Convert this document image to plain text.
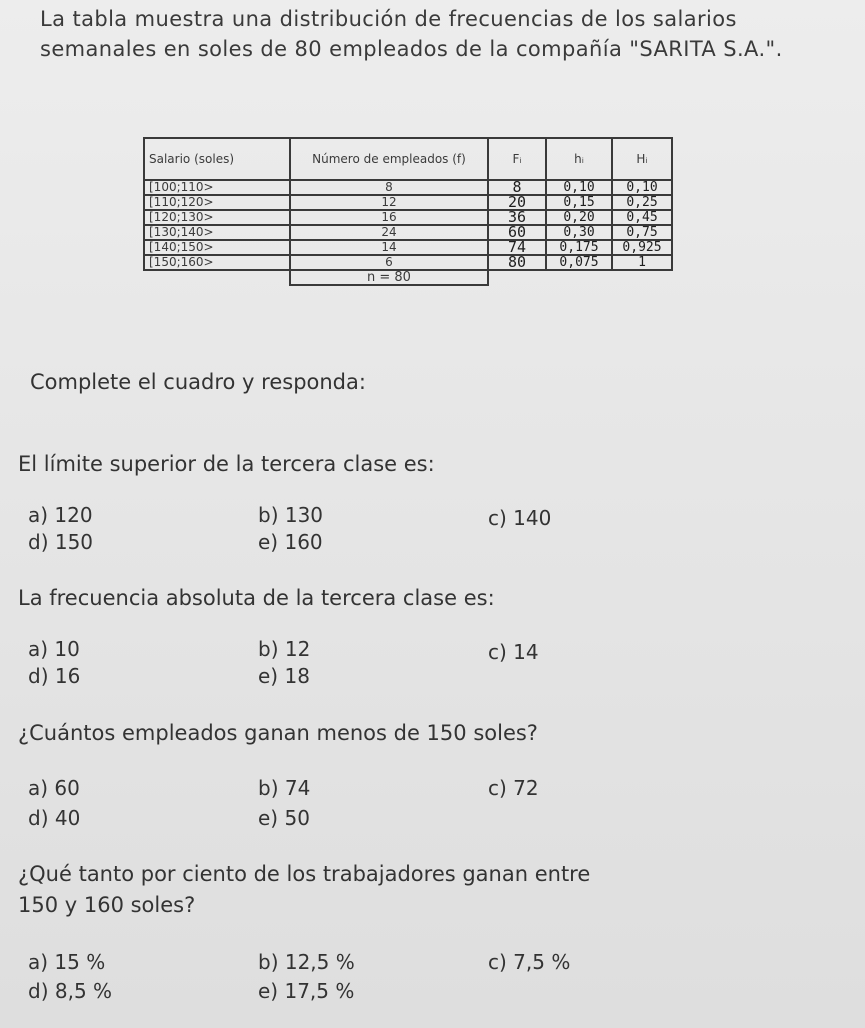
La tabla muestra una distribución de frecuencias de los salarios semanales en soles de 80 empleados de la compañía "SARITA S.A.".
Salario (soles)	Número de empleados (f)	Fᵢ	hᵢ	Hᵢ
[100;110>	8	8	0,10	0,10
[110;120>	12	20	0,15	0,25
[120;130>	16	36	0,20	0,45
[130;140>	24	60	0,30	0,75
[140;150>	14	74	0,175	0,925
[150;160>	6	80	0,075	1
	n = 80			
Complete el cuadro y responda:
El límite superior de la tercera clase es:
a) 120	b) 130	c) 140
d) 150	e) 160
La frecuencia absoluta de la tercera clase es:
a) 10	b) 12	c) 14
d) 16	e) 18
¿Cuántos empleados ganan menos de 150 soles?
a) 60	b) 74	c) 72
d) 40	e) 50
¿Qué tanto por ciento de los trabajadores ganan entre
150 y 160 soles?
a) 15 %	b) 12,5 %	c) 7,5 %
d) 8,5 %	e) 17,5 %
